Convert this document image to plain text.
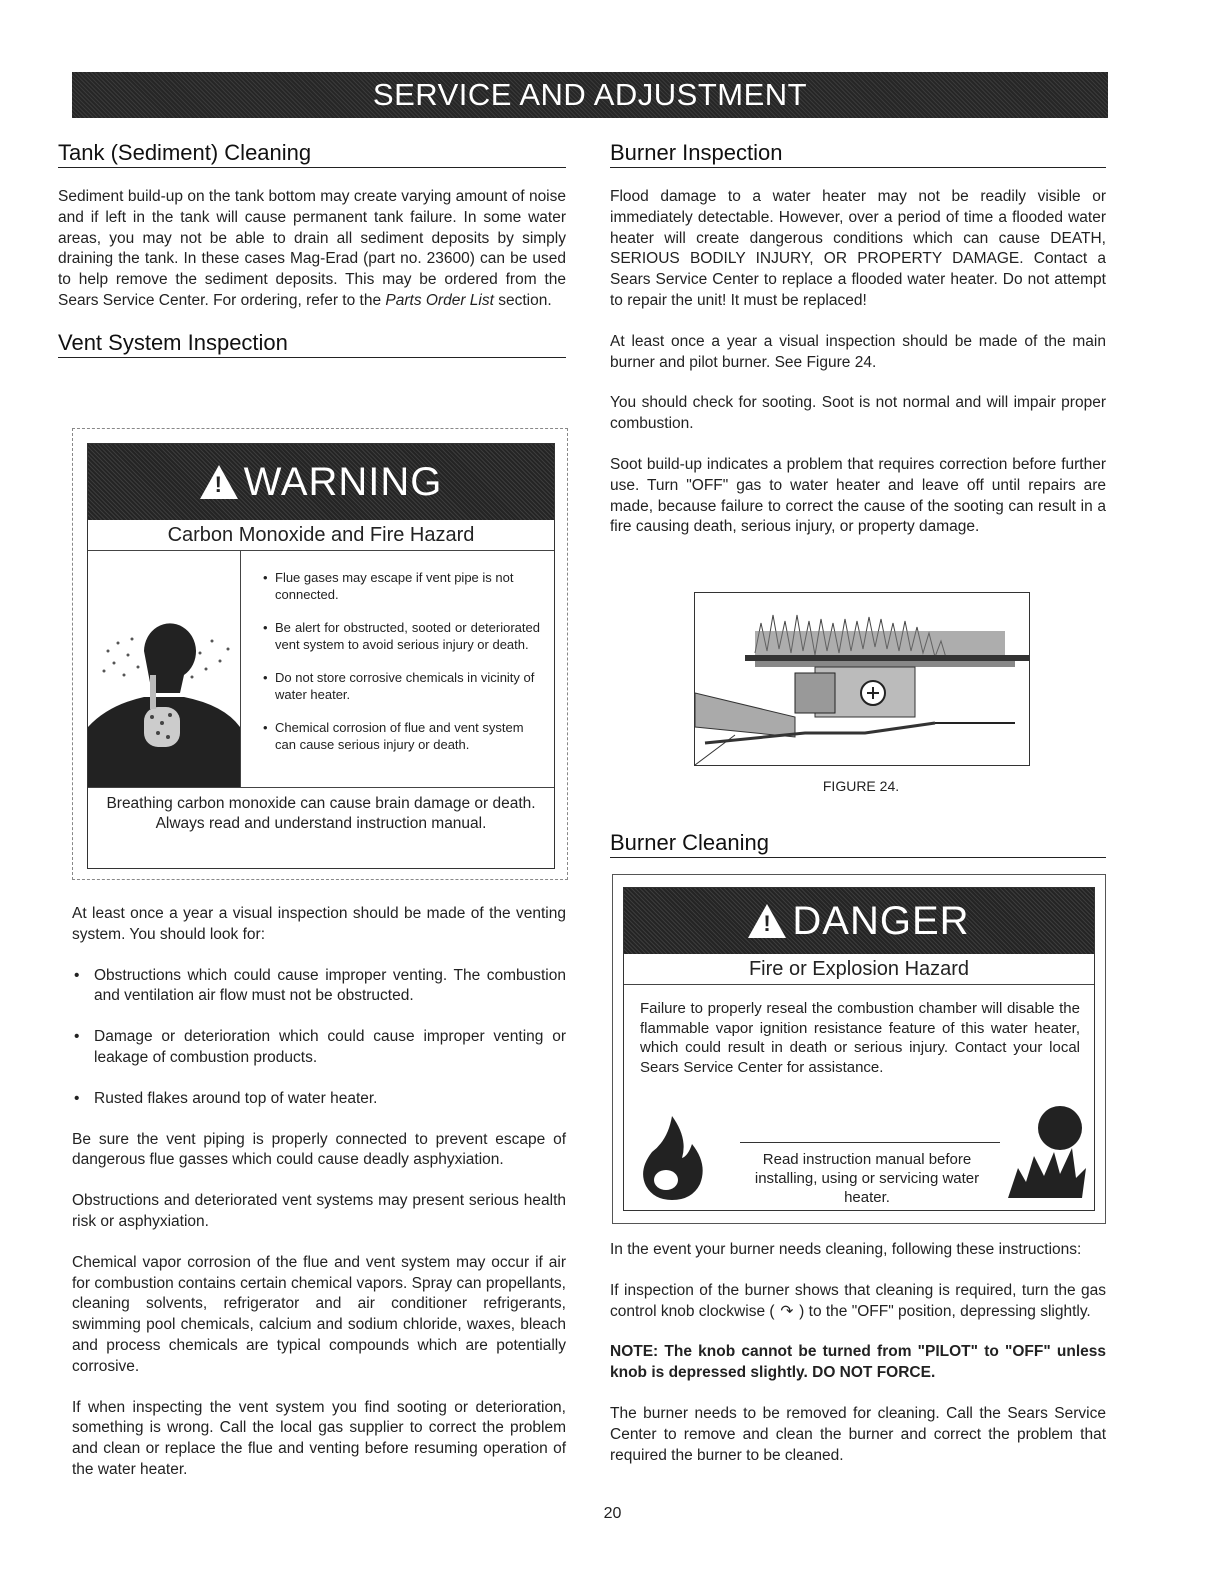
SERVICE AND ADJUSTMENT
Tank (Sediment) Cleaning

Sediment build-up on the tank bottom may create varying amount of noise and if left in the tank will cause permanent tank failure. In some water areas, you may not be able to drain all sediment deposits by simply draining the tank. In these cases Mag-Erad (part no. 23600) can be used to help remove the sediment deposits. This may be ordered from the Sears Service Center. For ordering, refer to the Parts Order List section.

Vent System Inspection
! WARNING
Carbon Monoxide and Fire Hazard

• Flue gases may escape if vent pipe is not connected.

• Be alert for obstructed, sooted or deteriorated vent system to avoid serious injury or death.

• Do not store corrosive chemicals in vicinity of water heater.

• Chemical corrosion of flue and vent system can cause serious injury or death.

Breathing carbon monoxide can cause brain damage or death. Always read and understand instruction manual.

At least once a year a visual inspection should be made of the venting system. You should look for:

• Obstructions which could cause improper venting. The combustion and ventilation air flow must not be obstructed.

• Damage or deterioration which could cause improper venting or leakage of combustion products.

• Rusted flakes around top of water heater.

Be sure the vent piping is properly connected to prevent escape of dangerous flue gasses which could cause deadly asphyxiation.

Obstructions and deteriorated vent systems may present serious health risk or asphyxiation.

Chemical vapor corrosion of the flue and vent system may occur if air for combustion contains certain chemical vapors. Spray can propellants, cleaning solvents, refrigerator and air conditioner refrigerants, swimming pool chemicals, calcium and sodium chloride, waxes, bleach and process chemicals are typical compounds which are potentially corrosive.

If when inspecting the vent system you find sooting or deterioration, something is wrong. Call the local gas supplier to correct the problem and clean or replace the flue and venting before resuming operation of the water heater.

Burner Inspection

Flood damage to a water heater may not be readily visible or immediately detectable. However, over a period of time a flooded water heater will create dangerous conditions which can cause DEATH, SERIOUS BODILY INJURY, OR PROPERTY DAMAGE. Contact a Sears Service Center to replace a flooded water heater. Do not attempt to repair the unit! It must be replaced!

At least once a year a visual inspection should be made of the main burner and pilot burner. See Figure 24.

You should check for sooting. Soot is not normal and will impair proper combustion.

Soot build-up indicates a problem that requires correction before further use. Turn "OFF" gas to water heater and leave off until repairs are made, because failure to correct the cause of the sooting can result in a fire causing death, serious injury, or property damage.

FIGURE 24.

Burner Cleaning
! DANGER
Fire or Explosion Hazard

Failure to properly reseal the combustion chamber will disable the flammable vapor ignition resistance feature of this water heater, which could result in death or serious injury. Contact your local Sears Service Center for assistance.

Read instruction manual before installing, using or servicing water heater.

In the event your burner needs cleaning, following these instructions:

If inspection of the burner shows that cleaning is required, turn the gas control knob clockwise ( ↷ ) to the "OFF" position, depressing slightly.

NOTE: The knob cannot be turned from "PILOT" to "OFF" unless knob is depressed slightly. DO NOT FORCE.

The burner needs to be removed for cleaning. Call the Sears Service Center to remove and clean the burner and correct the problem that required the burner to be cleaned.

20
